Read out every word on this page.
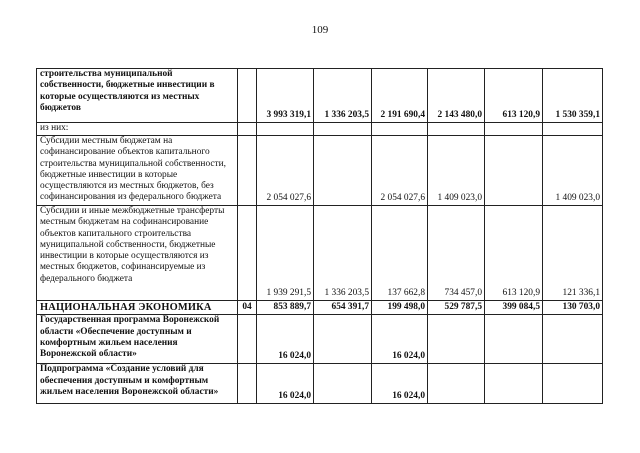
109
строительства муниципальной собственности, бюджетные инвестиции в которые осуществляются из местных бюджетов		3 993 319,1	1 336 203,5	2 191 690,4	2 143 480,0	613 120,9	1 530 359,1
из них:							
Субсидии местным бюджетам на софинансирование объектов капитального строительства муниципальной собственности, бюджетные инвестиции в которые осуществляются из местных бюджетов, без софинансирования из федерального бюджета		2 054 027,6		2 054 027,6	1 409 023,0		1 409 023,0
Субсидии и иные межбюджетные трансферты местным бюджетам на софинансирование объектов капитального строительства муниципальной собственности, бюджетные инвестиции в которые осуществляются из местных бюджетов, софинансируемые из федерального бюджета		1 939 291,5	1 336 203,5	137 662,8	734 457,0	613 120,9	121 336,1
НАЦИОНАЛЬНАЯ ЭКОНОМИКА	04	853 889,7	654 391,7	199 498,0	529 787,5	399 084,5	130 703,0
Государственная программа Воронежской области «Обеспечение доступным и комфортным жильем населения Воронежской области»		16 024,0		16 024,0			
Подпрограмма «Создание условий для обеспечения доступным и комфортным жильем населения Воронежской области»		16 024,0		16 024,0			
